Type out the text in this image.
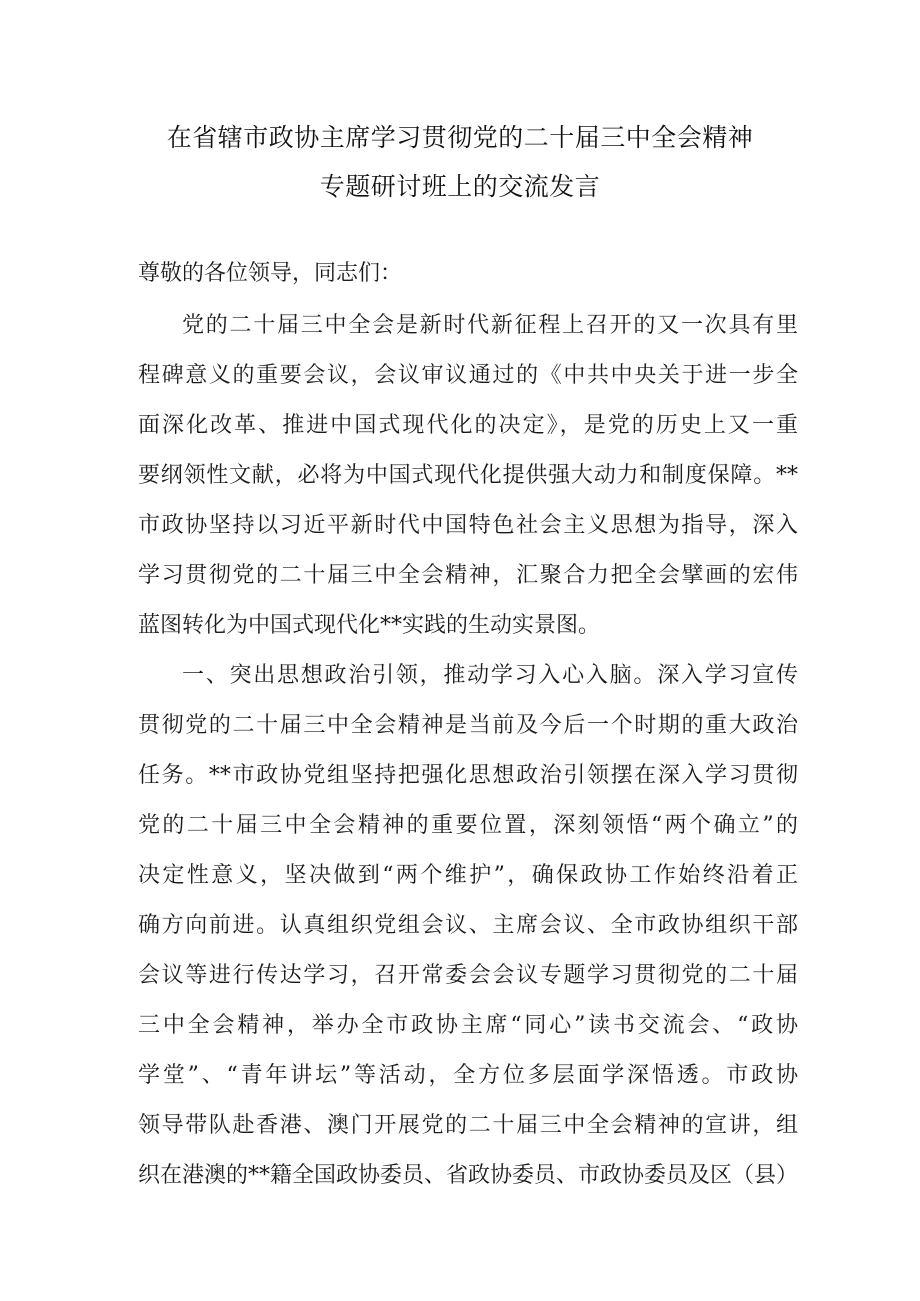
在省辖市政协主席学习贯彻党的二十届三中全会精神
专题研讨班上的交流发言
尊敬的各位领导，同志们：
党的二十届三中全会是新时代新征程上召开的又一次具有里
程碑意义的重要会议，会议审议通过的《中共中央关于进一步全
面深化改革、推进中国式现代化的决定》，是党的历史上又一重
要纲领性文献，必将为中国式现代化提供强大动力和制度保障。**
市政协坚持以习近平新时代中国特色社会主义思想为指导，深入
学习贯彻党的二十届三中全会精神，汇聚合力把全会擘画的宏伟
蓝图转化为中国式现代化**实践的生动实景图。
一、突出思想政治引领，推动学习入心入脑。深入学习宣传
贯彻党的二十届三中全会精神是当前及今后一个时期的重大政治
任务。**市政协党组坚持把强化思想政治引领摆在深入学习贯彻
党的二十届三中全会精神的重要位置，深刻领悟“两个确立”的
决定性意义，坚决做到“两个维护”，确保政协工作始终沿着正
确方向前进。认真组织党组会议、主席会议、全市政协组织干部
会议等进行传达学习，召开常委会会议专题学习贯彻党的二十届
三中全会精神，举办全市政协主席“同心”读书交流会、“政协
学堂”、“青年讲坛”等活动，全方位多层面学深悟透。市政协
领导带队赴香港、澳门开展党的二十届三中全会精神的宣讲，组
织在港澳的**籍全国政协委员、省政协委员、市政协委员及区（县）
